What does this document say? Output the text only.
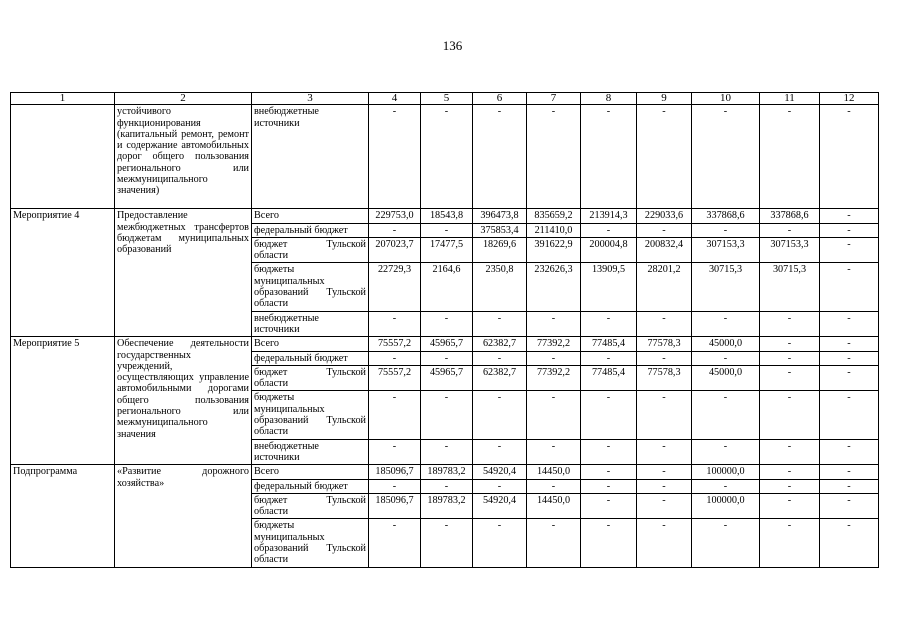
136
1	2	3	4	5	6	7	8	9	10	11	12
	устойчивого функционирования (капитальный ремонт, ремонт и содержание автомобильных дорог общего пользования регионального или межмуниципального значения)	внебюджетные источники	-	-	-	-	-	-	-	-	-
Мероприятие 4	Предоставление межбюджетных трансфертов бюджетам муниципальных образований	Всего	229753,0	18543,8	396473,8	835659,2	213914,3	229033,6	337868,6	337868,6	-
		федеральный бюджет	-	-	375853,4	211410,0	-	-	-	-	-
		бюджет Тульской области	207023,7	17477,5	18269,6	391622,9	200004,8	200832,4	307153,3	307153,3	-
		бюджеты муниципальных образований Тульской области	22729,3	2164,6	2350,8	232626,3	13909,5	28201,2	30715,3	30715,3	-
		внебюджетные источники	-	-	-	-	-	-	-	-	-
Мероприятие 5	Обеспечение деятельности государственных учреждений, осуществляющих управление автомобильными дорогами общего пользования регионального или межмуниципального значения	Всего	75557,2	45965,7	62382,7	77392,2	77485,4	77578,3	45000,0	-	-
		федеральный бюджет	-	-	-	-	-	-	-	-	-
		бюджет Тульской области	75557,2	45965,7	62382,7	77392,2	77485,4	77578,3	45000,0	-	-
		бюджеты муниципальных образований Тульской области	-	-	-	-	-	-	-	-	-
		внебюджетные источники	-	-	-	-	-	-	-	-	-
Подпрограмма	«Развитие дорожного хозяйства»	Всего	185096,7	189783,2	54920,4	14450,0	-	-	100000,0	-	-
		федеральный бюджет	-	-	-	-	-	-	-	-	-
		бюджет Тульской области	185096,7	189783,2	54920,4	14450,0	-	-	100000,0	-	-
		бюджеты муниципальных образований Тульской области	-	-	-	-	-	-	-	-	-
